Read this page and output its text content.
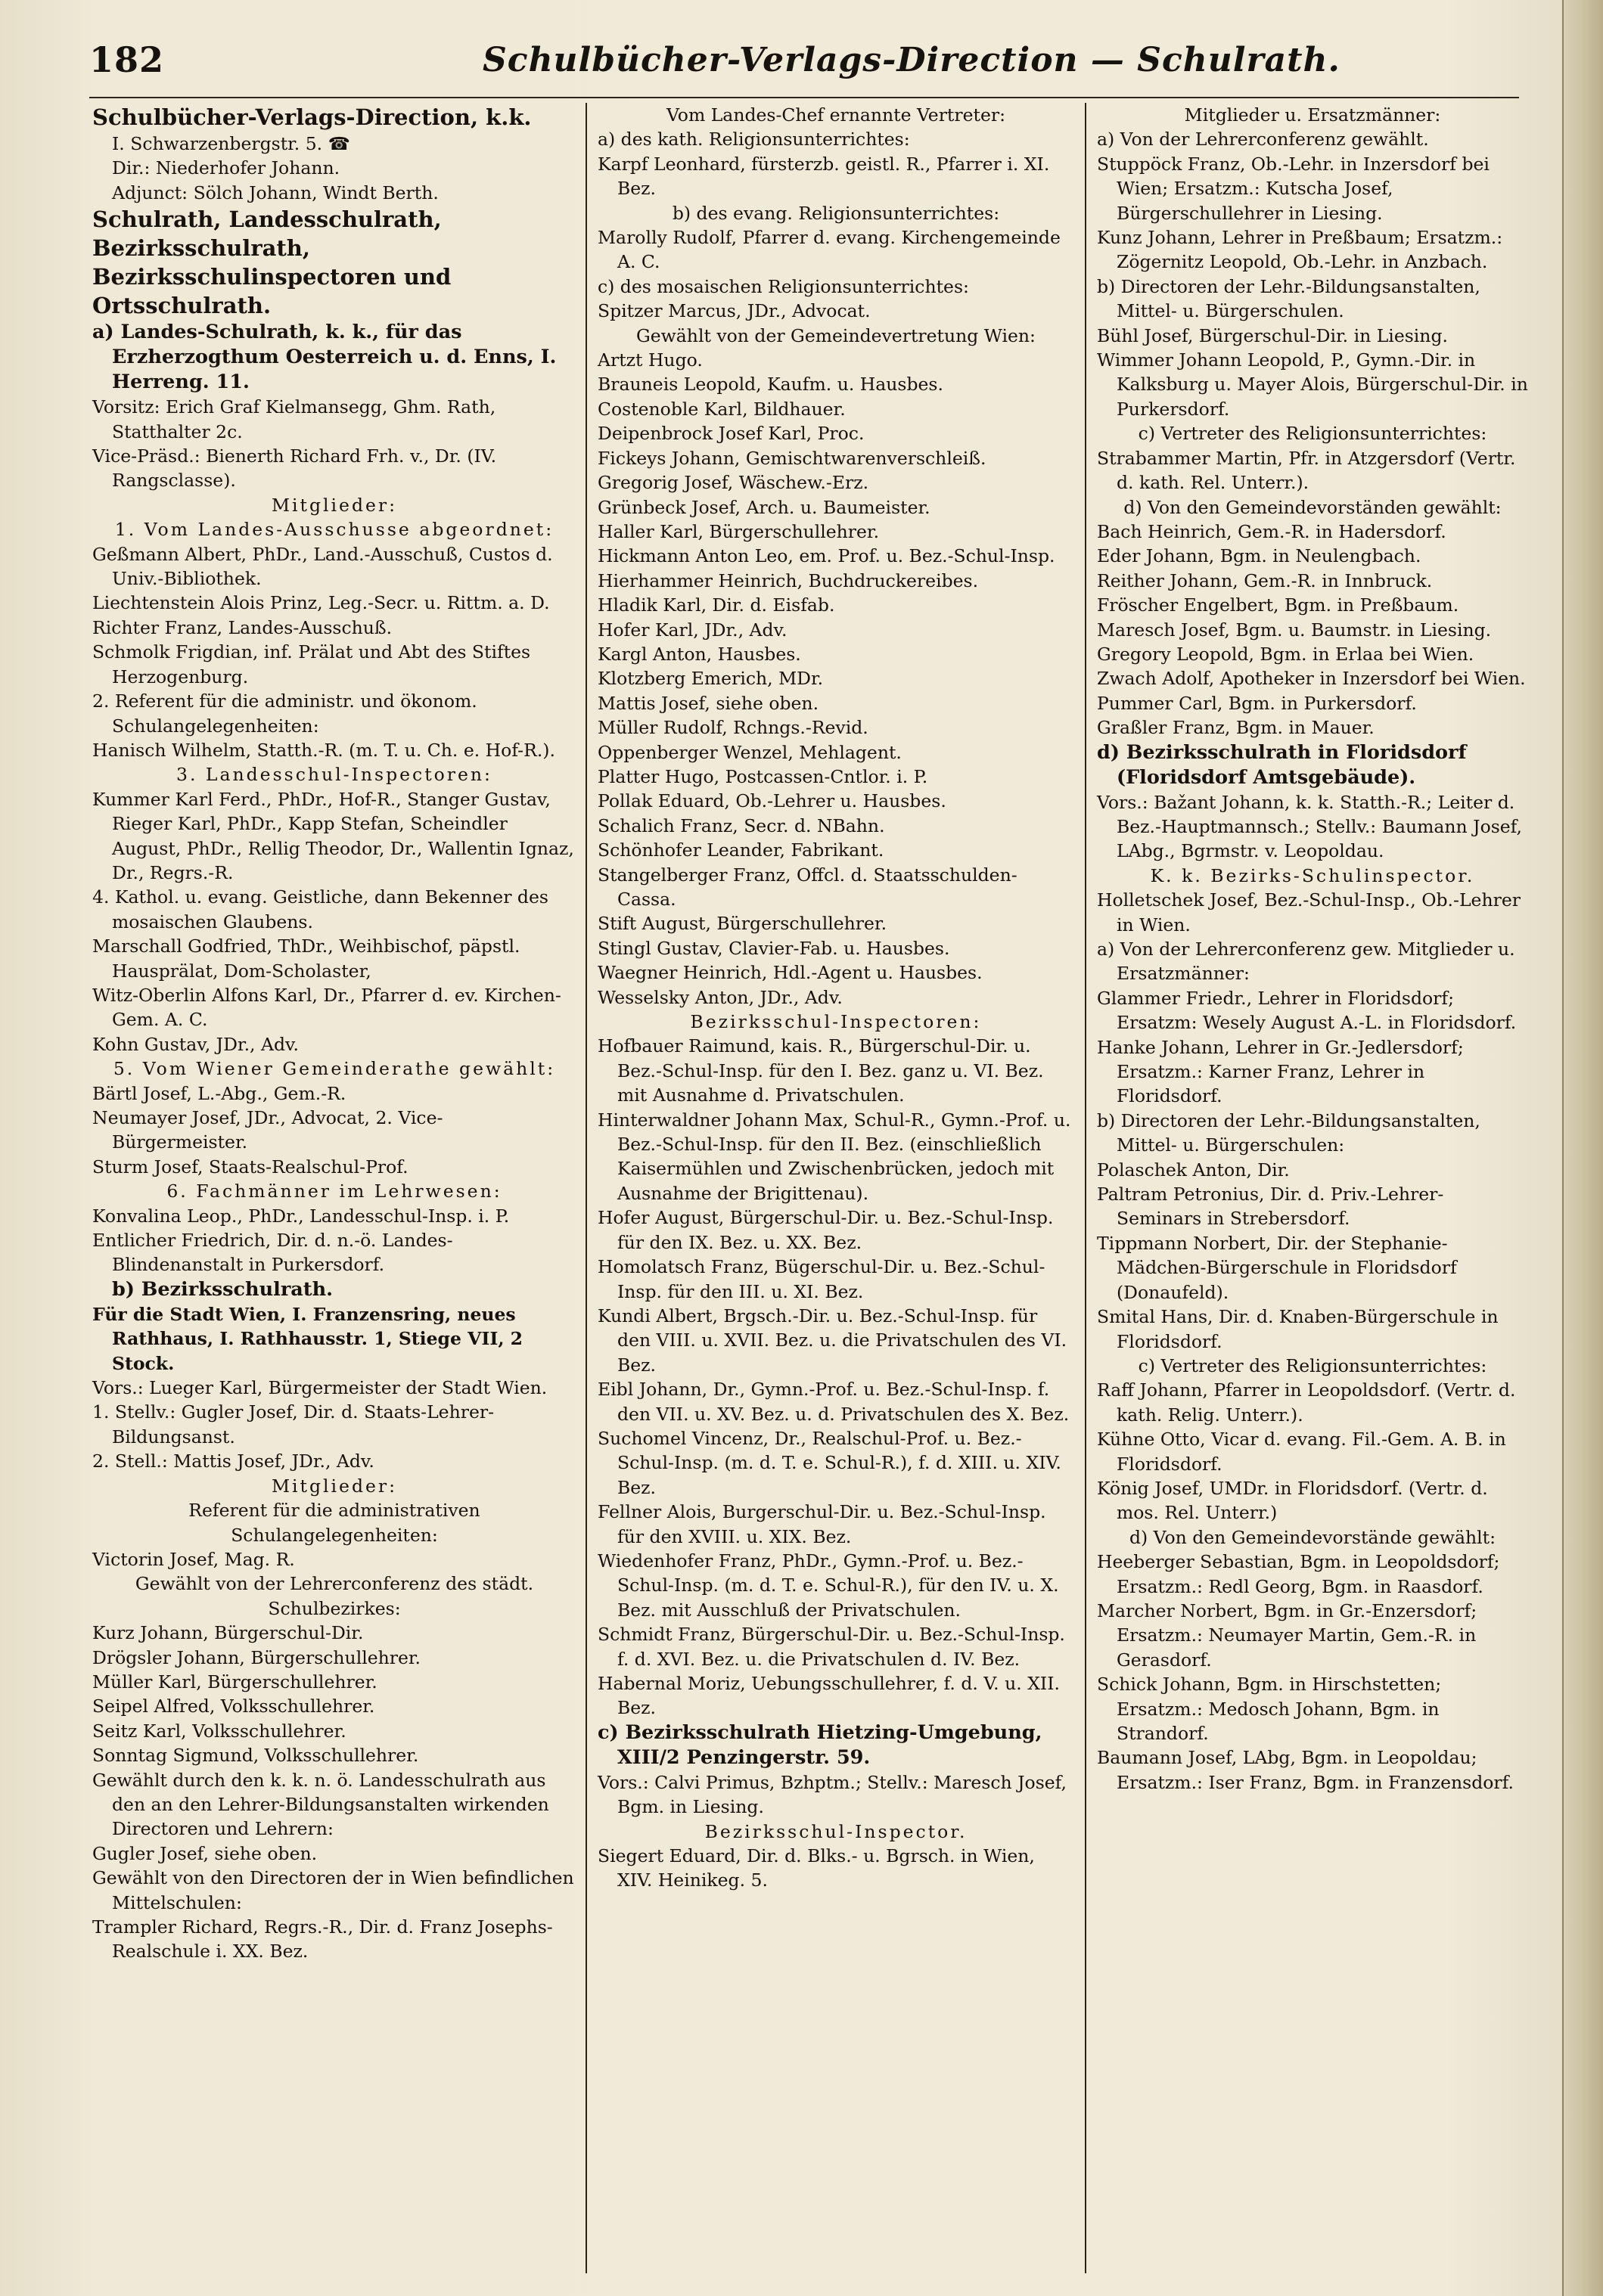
182	Schulbücher-Verlags-Direction — Schulrath.
Schulbücher-Verlags-Direction, k.k.
I. Schwarzenbergstr. 5. ☎
Dir.: Niederhofer Johann.
Adjunct: Sölch Johann, Windt Berth.
Schulrath, Landesschulrath, Bezirksschulrath, Bezirksschulinspectoren und Ortsschulrath.
a) Landes-Schulrath, k. k., für das Erzherzogthum Oesterreich u. d. Enns, I. Herreng. 11.
Vorsitz: Erich Graf Kielmansegg, Ghm. Rath, Statthalter 2c.
Vice-Präsd.: Bienerth Richard Frh. v., Dr. (IV. Rangsclasse).
Mitglieder:
1. Vom Landes-Ausschusse abgeordnet:
Geßmann Albert, PhDr., Land.-Ausschuß, Custos d. Univ.-Bibliothek.
Liechtenstein Alois Prinz, Leg.-Secr. u. Rittm. a. D.
Richter Franz, Landes-Ausschuß.
Schmolk Frigdian, inf. Prälat und Abt des Stiftes Herzogenburg.
2. Referent für die administr. und ökonom. Schulangelegenheiten:
Hanisch Wilhelm, Statth.-R. (m. T. u. Ch. e. Hof-R.).
3. Landesschul-Inspectoren:
Kummer Karl Ferd., PhDr., Hof-R., Stanger Gustav, Rieger Karl, PhDr., Kapp Stefan, Scheindler August, PhDr., Rellig Theodor, Dr., Wallentin Ignaz, Dr., Regrs.-R.
4. Kathol. u. evang. Geistliche, dann Bekenner des mosaischen Glaubens.
Marschall Godfried, ThDr., Weihbischof, päpstl. Hausprälat, Dom-Scholaster,
Witz-Oberlin Alfons Karl, Dr., Pfarrer d. ev. Kirchen-Gem. A. C.
Kohn Gustav, JDr., Adv.
5. Vom Wiener Gemeinderathe gewählt:
Bärtl Josef, L.-Abg., Gem.-R.
Neumayer Josef, JDr., Advocat, 2. Vice-Bürgermeister.
Sturm Josef, Staats-Realschul-Prof.
6. Fachmänner im Lehrwesen:
Konvalina Leop., PhDr., Landesschul-Insp. i. P.
Entlicher Friedrich, Dir. d. n.-ö. Landes-Blindenanstalt in Purkersdorf.
b) Bezirksschulrath.
Für die Stadt Wien, I. Franzensring, neues Rathhaus, I. Rathhausstr. 1, Stiege VII, 2 Stock.
Vors.: Lueger Karl, Bürgermeister der Stadt Wien.
1. Stellv.: Gugler Josef, Dir. d. Staats-Lehrer-Bildungsanst.
2. Stell.: Mattis Josef, JDr., Adv.
Mitglieder:
Referent für die administrativen Schulangelegenheiten:
Victorin Josef, Mag. R.
Gewählt von der Lehrerconferenz des städt. Schulbezirkes:
Kurz Johann, Bürgerschul-Dir.
Drögsler Johann, Bürgerschullehrer.
Müller Karl, Bürgerschullehrer.
Seipel Alfred, Volksschullehrer.
Seitz Karl, Volksschullehrer.
Sonntag Sigmund, Volksschullehrer.
Gewählt durch den k. k. n. ö. Landesschulrath aus den an den Lehrer-Bildungsanstalten wirkenden Directoren und Lehrern:
Gugler Josef, siehe oben.
Gewählt von den Directoren der in Wien befindlichen Mittelschulen:
Trampler Richard, Regrs.-R., Dir. d. Franz Josephs-Realschule i. XX. Bez.
Vom Landes-Chef ernannte Vertreter:
a) des kath. Religionsunterrichtes:
Karpf Leonhard, fürsterzb. geistl. R., Pfarrer i. XI. Bez.
b) des evang. Religionsunterrichtes:
Marolly Rudolf, Pfarrer d. evang. Kirchengemeinde A. C.
c) des mosaischen Religionsunterrichtes:
Spitzer Marcus, JDr., Advocat.
Gewählt von der Gemeindevertretung Wien:
Artzt Hugo.
Brauneis Leopold, Kaufm. u. Hausbes.
Costenoble Karl, Bildhauer.
Deipenbrock Josef Karl, Proc.
Fickeys Johann, Gemischtwarenverschleiß.
Gregorig Josef, Wäschew.-Erz.
Grünbeck Josef, Arch. u. Baumeister.
Haller Karl, Bürgerschullehrer.
Hickmann Anton Leo, em. Prof. u. Bez.-Schul-Insp.
Hierhammer Heinrich, Buchdruckereibes.
Hladik Karl, Dir. d. Eisfab.
Hofer Karl, JDr., Adv.
Kargl Anton, Hausbes.
Klotzberg Emerich, MDr.
Mattis Josef, siehe oben.
Müller Rudolf, Rchngs.-Revid.
Oppenberger Wenzel, Mehlagent.
Platter Hugo, Postcassen-Cntlor. i. P.
Pollak Eduard, Ob.-Lehrer u. Hausbes.
Schalich Franz, Secr. d. NBahn.
Schönhofer Leander, Fabrikant.
Stangelberger Franz, Offcl. d. Staatsschulden-Cassa.
Stift August, Bürgerschullehrer.
Stingl Gustav, Clavier-Fab. u. Hausbes.
Waegner Heinrich, Hdl.-Agent u. Hausbes.
Wesselsky Anton, JDr., Adv.
Bezirksschul-Inspectoren:
Hofbauer Raimund, kais. R., Bürgerschul-Dir. u. Bez.-Schul-Insp. für den I. Bez. ganz u. VI. Bez. mit Ausnahme d. Privatschulen.
Hinterwaldner Johann Max, Schul-R., Gymn.-Prof. u. Bez.-Schul-Insp. für den II. Bez. (einschließlich Kaisermühlen und Zwischenbrücken, jedoch mit Ausnahme der Brigittenau).
Hofer August, Bürgerschul-Dir. u. Bez.-Schul-Insp. für den IX. Bez. u. XX. Bez.
Homolatsch Franz, Bügerschul-Dir. u. Bez.-Schul-Insp. für den III. u. XI. Bez.
Kundi Albert, Brgsch.-Dir. u. Bez.-Schul-Insp. für den VIII. u. XVII. Bez. u. die Privatschulen des VI. Bez.
Eibl Johann, Dr., Gymn.-Prof. u. Bez.-Schul-Insp. f. den VII. u. XV. Bez. u. d. Privatschulen des X. Bez.
Suchomel Vincenz, Dr., Realschul-Prof. u. Bez.-Schul-Insp. (m. d. T. e. Schul-R.), f. d. XIII. u. XIV. Bez.
Fellner Alois, Burgerschul-Dir. u. Bez.-Schul-Insp. für den XVIII. u. XIX. Bez.
Wiedenhofer Franz, PhDr., Gymn.-Prof. u. Bez.-Schul-Insp. (m. d. T. e. Schul-R.), für den IV. u. X. Bez. mit Ausschluß der Privatschulen.
Schmidt Franz, Bürgerschul-Dir. u. Bez.-Schul-Insp. f. d. XVI. Bez. u. die Privatschulen d. IV. Bez.
Habernal Moriz, Uebungsschullehrer, f. d. V. u. XII. Bez.
c) Bezirksschulrath Hietzing-Umgebung, XIII/2 Penzingerstr. 59.
Vors.: Calvi Primus, Bzhptm.; Stellv.: Maresch Josef, Bgm. in Liesing.
Bezirksschul-Inspector.
Siegert Eduard, Dir. d. Blks.- u. Bgrsch. in Wien, XIV. Heinikeg. 5.
Mitglieder u. Ersatzmänner:
a) Von der Lehrerconferenz gewählt.
Stuppöck Franz, Ob.-Lehr. in Inzersdorf bei Wien; Ersatzm.: Kutscha Josef, Bürgerschullehrer in Liesing.
Kunz Johann, Lehrer in Preßbaum; Ersatzm.: Zögernitz Leopold, Ob.-Lehr. in Anzbach.
b) Directoren der Lehr.-Bildungsanstalten, Mittel- u. Bürgerschulen.
Bühl Josef, Bürgerschul-Dir. in Liesing.
Wimmer Johann Leopold, P., Gymn.-Dir. in Kalksburg u. Mayer Alois, Bürgerschul-Dir. in Purkersdorf.
c) Vertreter des Religionsunterrichtes:
Strabammer Martin, Pfr. in Atzgersdorf (Vertr. d. kath. Rel. Unterr.).
d) Von den Gemeindevorständen gewählt:
Bach Heinrich, Gem.-R. in Hadersdorf.
Eder Johann, Bgm. in Neulengbach.
Reither Johann, Gem.-R. in Innbruck.
Fröscher Engelbert, Bgm. in Preßbaum.
Maresch Josef, Bgm. u. Baumstr. in Liesing.
Gregory Leopold, Bgm. in Erlaa bei Wien.
Zwach Adolf, Apotheker in Inzersdorf bei Wien.
Pummer Carl, Bgm. in Purkersdorf.
Graßler Franz, Bgm. in Mauer.
d) Bezirksschulrath in Floridsdorf (Floridsdorf Amtsgebäude).
Vors.: Bažant Johann, k. k. Statth.-R.; Leiter d. Bez.-Hauptmannsch.; Stellv.: Baumann Josef, LAbg., Bgrmstr. v. Leopoldau.
K. k. Bezirks-Schulinspector.
Holletschek Josef, Bez.-Schul-Insp., Ob.-Lehrer in Wien.
a) Von der Lehrerconferenz gew. Mitglieder u. Ersatzmänner:
Glammer Friedr., Lehrer in Floridsdorf; Ersatzm: Wesely August A.-L. in Floridsdorf.
Hanke Johann, Lehrer in Gr.-Jedlersdorf; Ersatzm.: Karner Franz, Lehrer in Floridsdorf.
b) Directoren der Lehr.-Bildungsanstalten, Mittel- u. Bürgerschulen:
Polaschek Anton, Dir.
Paltram Petronius, Dir. d. Priv.-Lehrer-Seminars in Strebersdorf.
Tippmann Norbert, Dir. der Stephanie-Mädchen-Bürgerschule in Floridsdorf (Donaufeld).
Smital Hans, Dir. d. Knaben-Bürgerschule in Floridsdorf.
c) Vertreter des Religionsunterrichtes:
Raff Johann, Pfarrer in Leopoldsdorf. (Vertr. d. kath. Relig. Unterr.).
Kühne Otto, Vicar d. evang. Fil.-Gem. A. B. in Floridsdorf.
König Josef, UMDr. in Floridsdorf. (Vertr. d. mos. Rel. Unterr.)
d) Von den Gemeindevorstände gewählt:
Heeberger Sebastian, Bgm. in Leopoldsdorf; Ersatzm.: Redl Georg, Bgm. in Raasdorf.
Marcher Norbert, Bgm. in Gr.-Enzersdorf; Ersatzm.: Neumayer Martin, Gem.-R. in Gerasdorf.
Schick Johann, Bgm. in Hirschstetten; Ersatzm.: Medosch Johann, Bgm. in Strandorf.
Baumann Josef, LAbg, Bgm. in Leopoldau; Ersatzm.: Iser Franz, Bgm. in Franzensdorf.
